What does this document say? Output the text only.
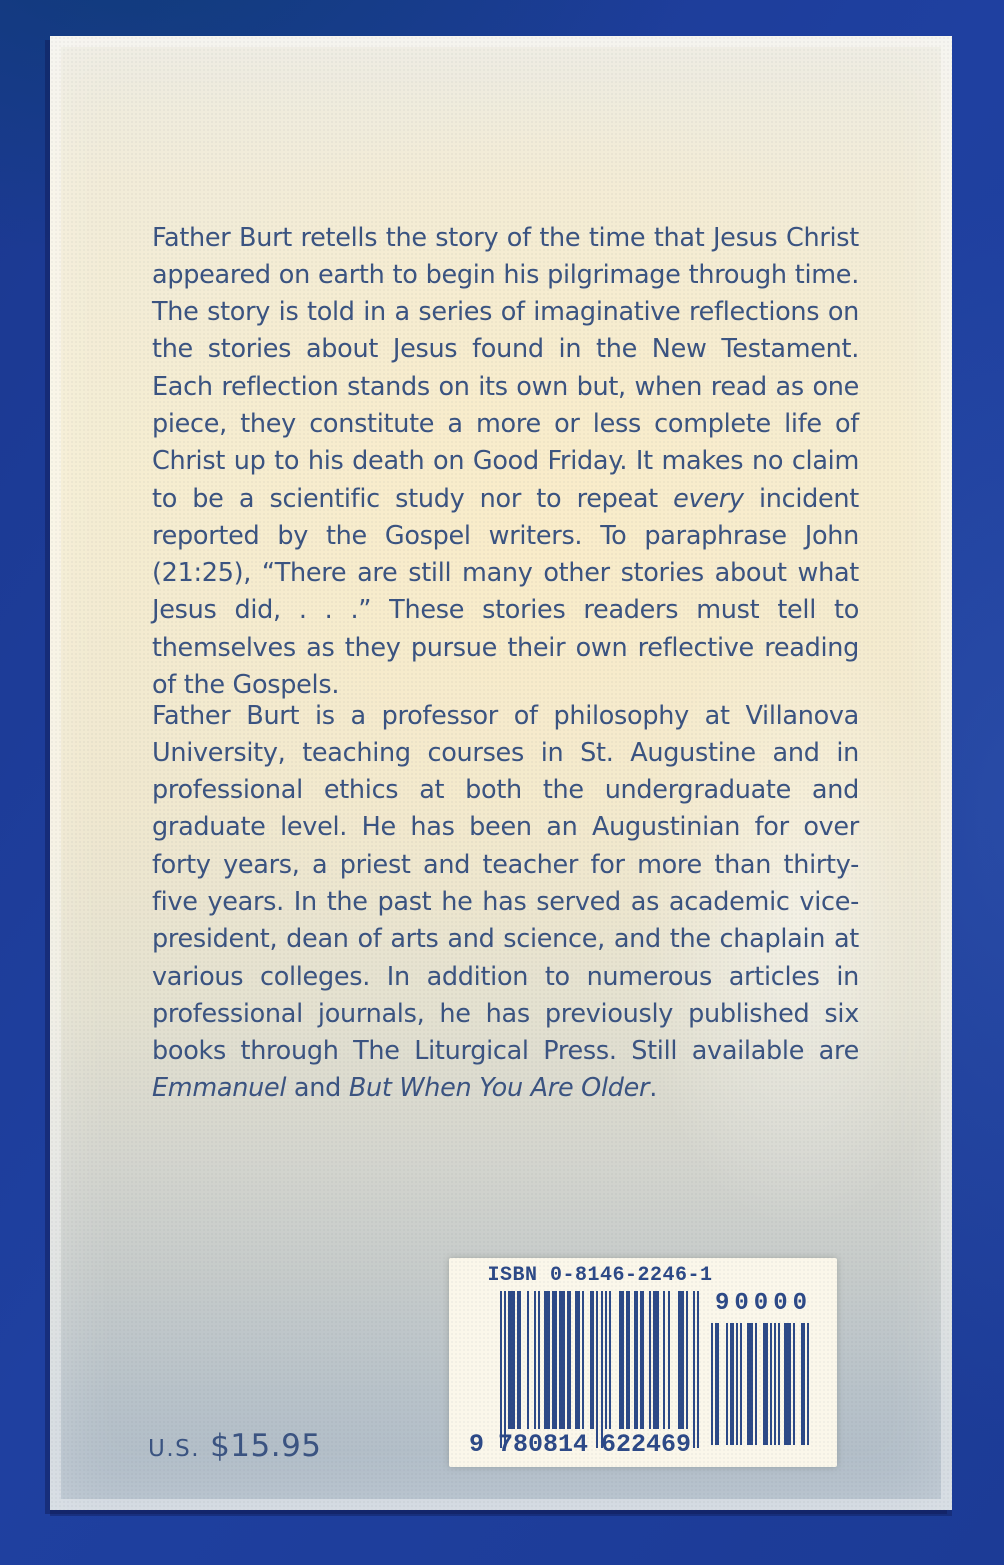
Father Burt retells the story of the time that Jesus Christ appeared on earth to begin his pilgrimage through time. The story is told in a series of imaginative reflections on the stories about Jesus found in the New Testament. Each reflection stands on its own but, when read as one piece, they constitute a more or less complete life of Christ up to his death on Good Friday. It makes no claim to be a scientific study nor to repeat every incident reported by the Gospel writers. To paraphrase John (21:25), “There are still many other stories about what Jesus did, . . .” These stories readers must tell to themselves as they pursue their own reflective reading of the Gospels.

Father Burt is a professor of philosophy at Villanova University, teaching courses in St. Augustine and in professional ethics at both the undergraduate and graduate level. He has been an Augustinian for over forty years, a priest and teacher for more than thirty-five years. In the past he has served as academic vice-president, dean of arts and science, and the chaplain at various colleges. In addition to numerous articles in professional journals, he has previously published six books through The Liturgical Press. Still available are Emmanuel and But When You Are Older.

U.S. $15.95
ISBN 0-8146-2246-1
9 780814 622469
90000
